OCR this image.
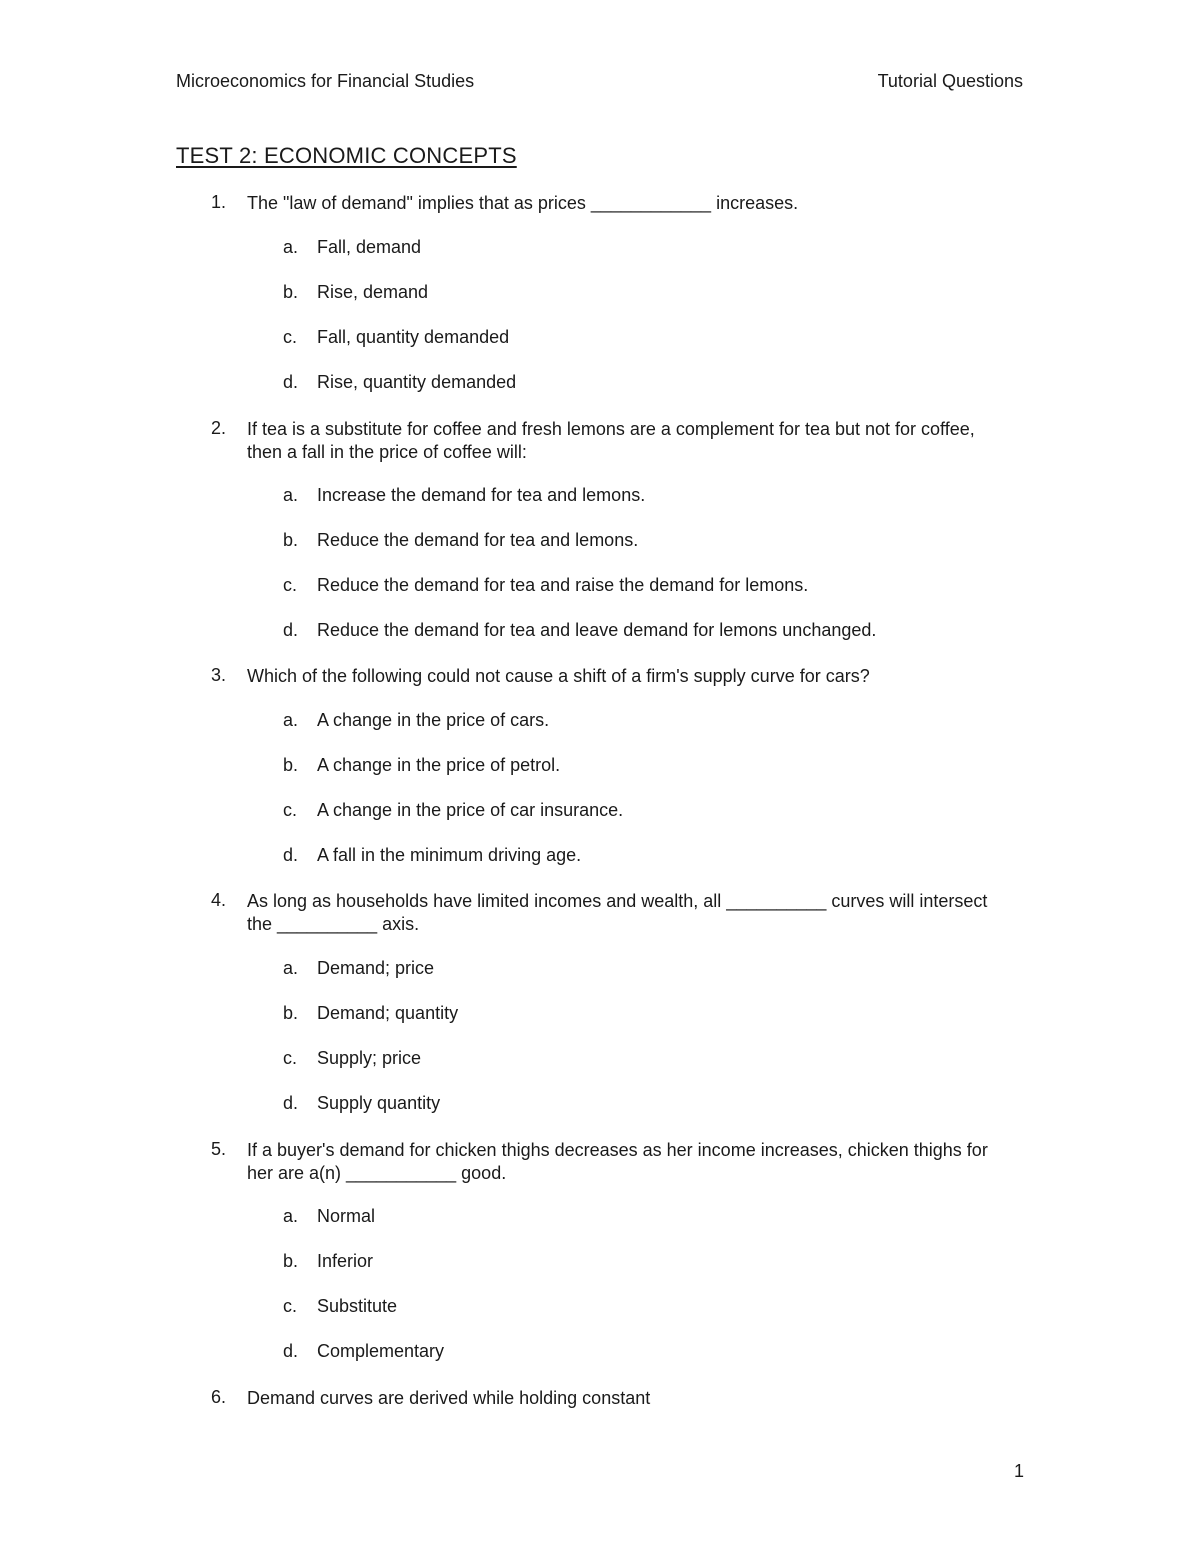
Microeconomics for Financial Studies	Tutorial Questions
TEST 2: ECONOMIC CONCEPTS
1.	The "law of demand" implies that as prices ____________ increases.
a.	Fall, demand
b.	Rise, demand
c.	Fall, quantity demanded
d.	Rise, quantity demanded
2.	If tea is a substitute for coffee and fresh lemons are a complement for tea but not for coffee, then a fall in the price of coffee will:
a.	Increase the demand for tea and lemons.
b.	Reduce the demand for tea and lemons.
c.	Reduce the demand for tea and raise the demand for lemons.
d.	Reduce the demand for tea and leave demand for lemons unchanged.
3.	Which of the following could not cause a shift of a firm's supply curve for cars?
a.	A change in the price of cars.
b.	A change in the price of petrol.
c.	A change in the price of car insurance.
d.	A fall in the minimum driving age.
4.	As long as households have limited incomes and wealth, all __________ curves will intersect the __________ axis.
a.	Demand; price
b.	Demand; quantity
c.	Supply; price
d.	Supply quantity
5.	If a buyer's demand for chicken thighs decreases as her income increases, chicken thighs for her are a(n) ___________ good.
a.	Normal
b.	Inferior
c.	Substitute
d.	Complementary
6.	Demand curves are derived while holding constant
1
